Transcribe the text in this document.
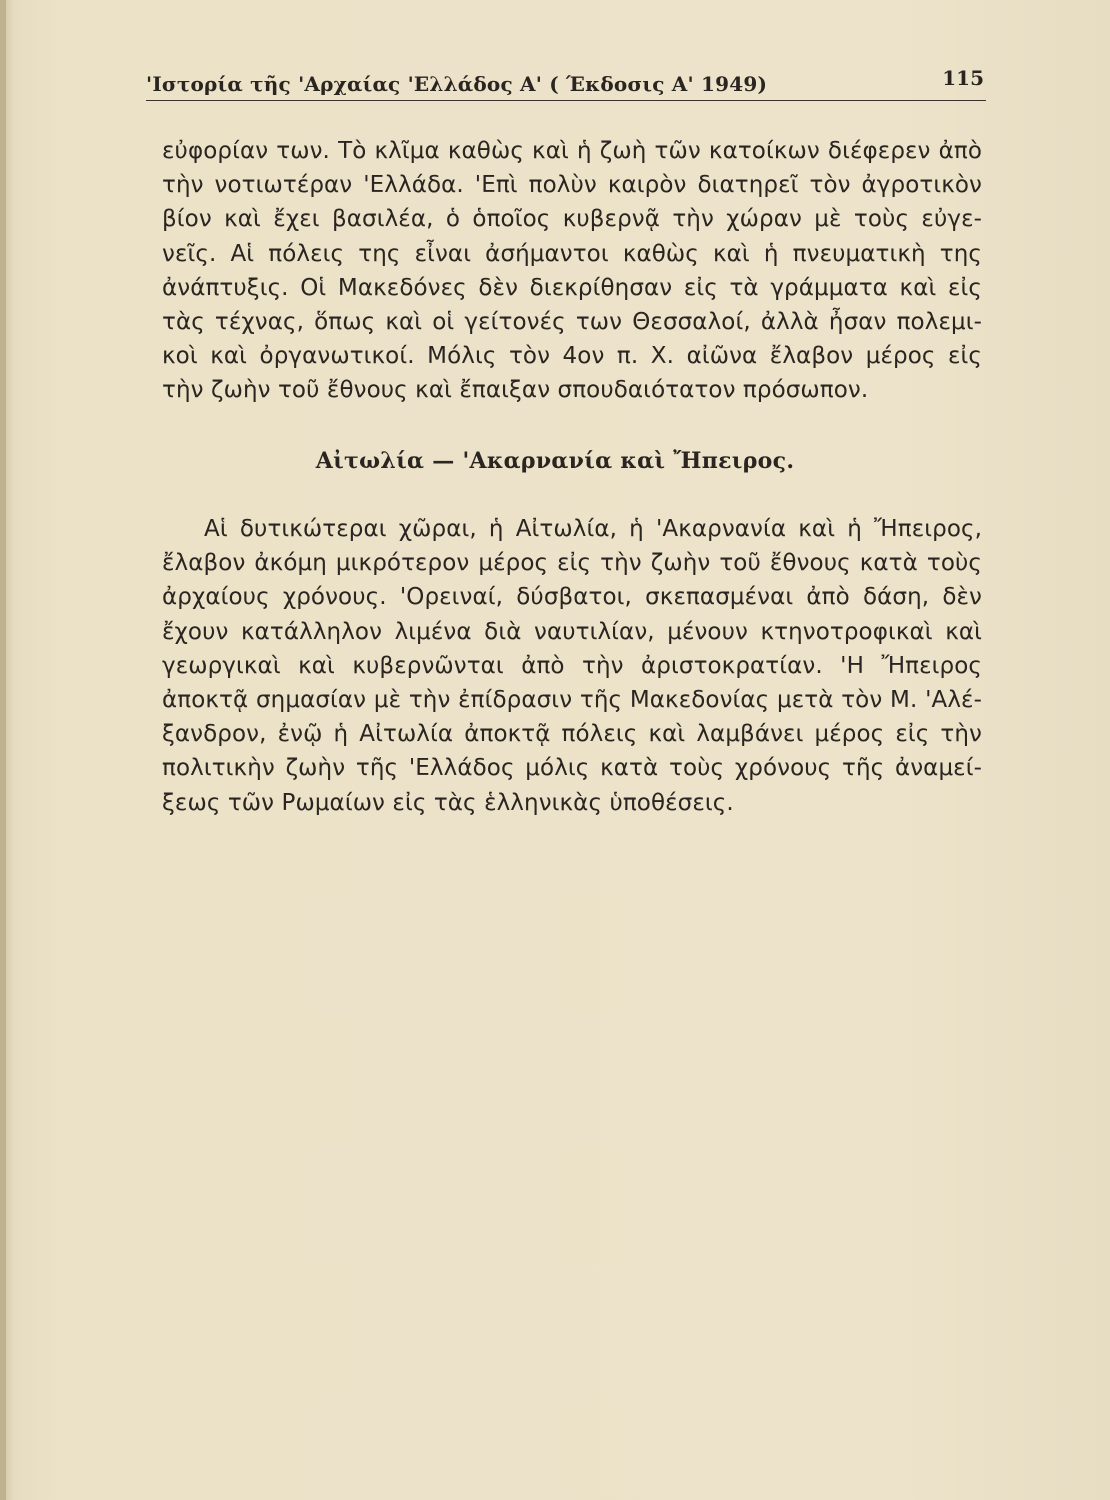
'Ιστορία τῆς 'Αρχαίας 'Ελλάδος Α' ( Έκδοσις Α' 1949)	115
εὐφορίαν των. Τὸ κλῖμα καθὼς καὶ ἡ ζωὴ τῶν κατοίκων διέφερεν ἀπὸ
τὴν νοτιωτέραν 'Ελλάδα. 'Επὶ πολὺν καιρὸν διατηρεῖ τὸν ἀγροτικὸν
βίον καὶ ἔχει βασιλέα, ὁ ὁποῖος κυβερνᾷ τὴν χώραν μὲ τοὺς εὐγε-
νεῖς. Αἱ πόλεις της εἶναι ἀσήμαντοι καθὼς καὶ ἡ πνευματικὴ της
ἀνάπτυξις. Οἱ Μακεδόνες δὲν διεκρίθησαν εἰς τὰ γράμματα καὶ εἰς
τὰς τέχνας, ὅπως καὶ οἱ γείτονές των Θεσσαλοί, ἀλλὰ ἦσαν πολεμι-
κοὶ καὶ ὀργανωτικοί. Μόλις τὸν 4ον π. Χ. αἰῶνα ἔλαβον μέρος εἰς
τὴν ζωὴν τοῦ ἔθνους καὶ ἔπαιξαν σπουδαιότατον πρόσωπον.
Αἰτωλία — 'Ακαρνανία καὶ Ἤπειρος.
Αἱ δυτικώτεραι χῶραι, ἡ Αἰτωλία, ἡ 'Ακαρνανία καὶ ἡ Ἤπειρος,
ἔλαβον ἀκόμη μικρότερον μέρος εἰς τὴν ζωὴν τοῦ ἔθνους κατὰ τοὺς
ἀρχαίους χρόνους. 'Ορειναί, δύσβατοι, σκεπασμέναι ἀπὸ δάση, δὲν
ἔχουν κατάλληλον λιμένα διὰ ναυτιλίαν, μένουν κτηνοτροφικαὶ καὶ
γεωργικαὶ καὶ κυβερνῶνται ἀπὸ τὴν ἀριστοκρατίαν. 'Η Ἤπειρος
ἀποκτᾷ σημασίαν μὲ τὴν ἐπίδρασιν τῆς Μακεδονίας μετὰ τὸν Μ. 'Αλέ-
ξανδρον, ἐνῷ ἡ Αἰτωλία ἀποκτᾷ πόλεις καὶ λαμβάνει μέρος εἰς τὴν
πολιτικὴν ζωὴν τῆς 'Ελλάδος μόλις κατὰ τοὺς χρόνους τῆς ἀναμεί-
ξεως τῶν Ρωμαίων εἰς τὰς ἑλληνικὰς ὑποθέσεις.
